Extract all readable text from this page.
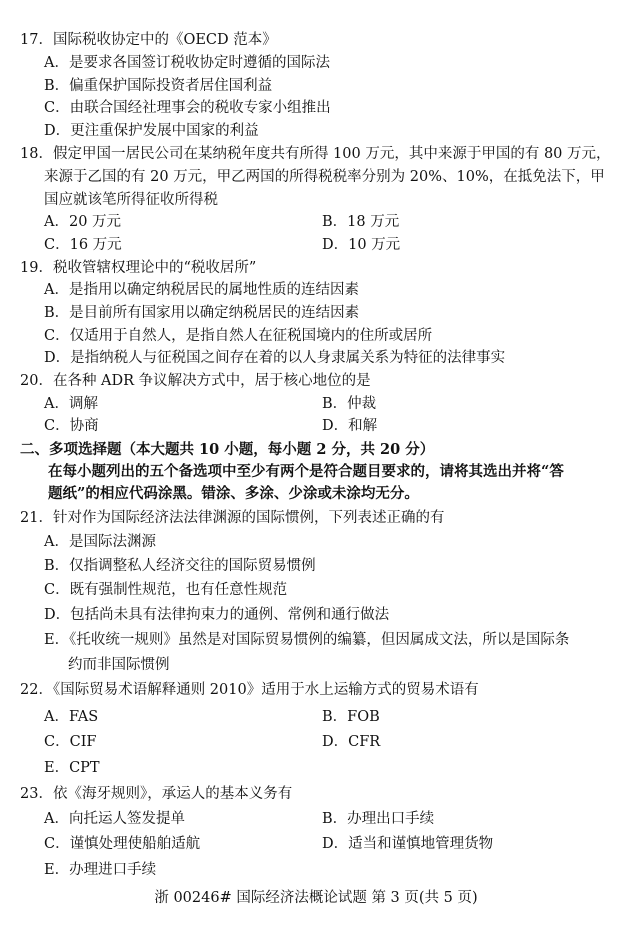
17．国际税收协定中的《OECD 范本》
A．是要求各国签订税收协定时遵循的国际法
B．偏重保护国际投资者居住国利益
C．由联合国经社理事会的税收专家小组推出
D．更注重保护发展中国家的利益
18．假定甲国一居民公司在某纳税年度共有所得 100 万元，其中来源于甲国的有 80 万元，
来源于乙国的有 20 万元，甲乙两国的所得税税率分别为 20%、10%，在抵免法下，甲
国应就该笔所得征收所得税
A．20 万元	B．18 万元
C．16 万元	D．10 万元
19．税收管辖权理论中的“税收居所”
A．是指用以确定纳税居民的属地性质的连结因素
B．是目前所有国家用以确定纳税居民的连结因素
C．仅适用于自然人，是指自然人在征税国境内的住所或居所
D．是指纳税人与征税国之间存在着的以人身隶属关系为特征的法律事实
20．在各种 ADR 争议解决方式中，居于核心地位的是
A．调解	B．仲裁
C．协商	D．和解
二、多项选择题（本大题共 10 小题，每小题 2 分，共 20 分）
在每小题列出的五个备选项中至少有两个是符合题目要求的，请将其选出并将“答
题纸”的相应代码涂黑。错涂、多涂、少涂或未涂均无分。
21．针对作为国际经济法法律渊源的国际惯例，下列表述正确的有
A．是国际法渊源
B．仅指调整私人经济交往的国际贸易惯例
C．既有强制性规范，也有任意性规范
D．包括尚未具有法律拘束力的通例、常例和通行做法
E．《托收统一规则》虽然是对国际贸易惯例的编纂，但因属成文法，所以是国际条
约而非国际惯例
22．《国际贸易术语解释通则 2010》适用于水上运输方式的贸易术语有
A．FAS	B．FOB
C．CIF	D．CFR
E．CPT
23．依《海牙规则》，承运人的基本义务有
A．向托运人签发提单	B．办理出口手续
C．谨慎处理使船舶适航	D．适当和谨慎地管理货物
E．办理进口手续
浙 00246# 国际经济法概论试题 第 3 页(共 5 页)
